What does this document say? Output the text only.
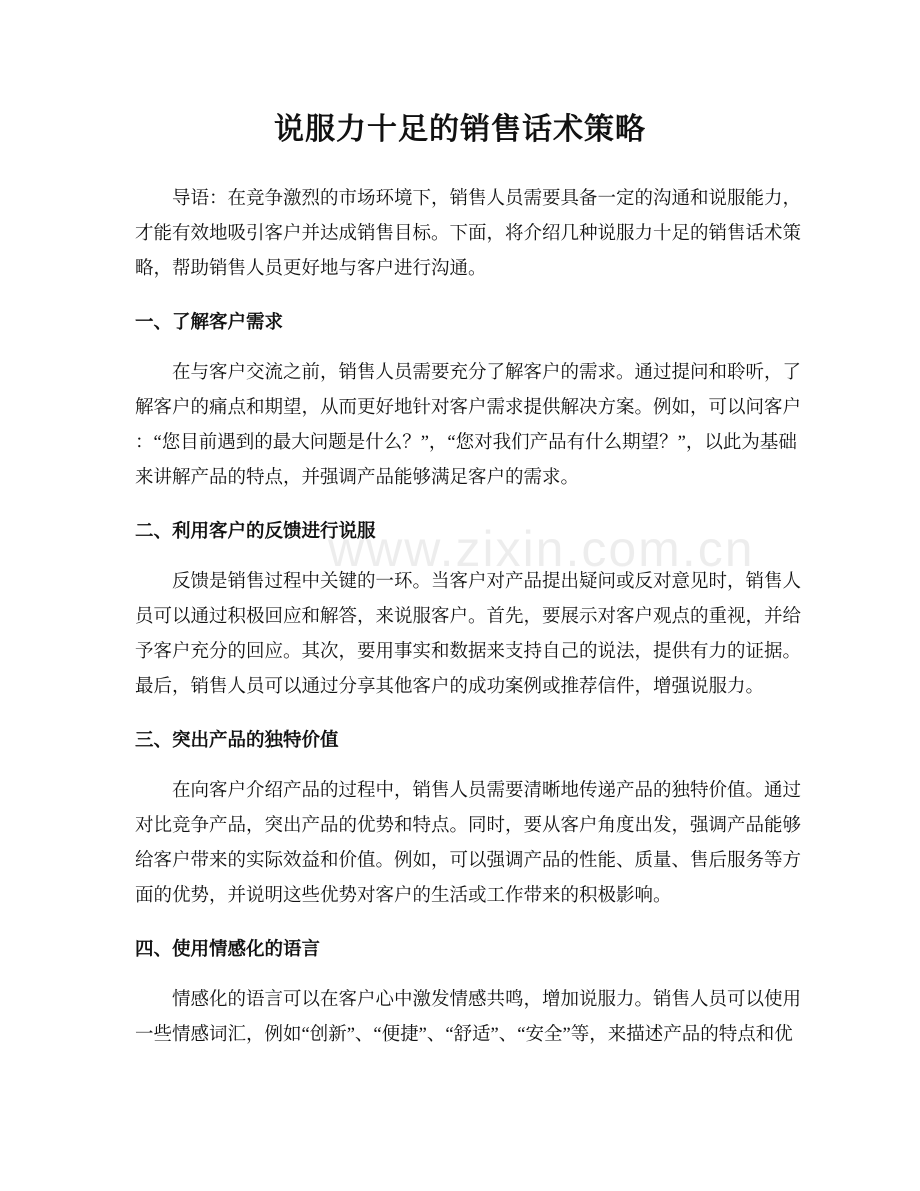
说服力十足的销售话术策略
www.zixin.com.cn
导语：在竞争激烈的市场环境下，销售人员需要具备一定的沟通和说服能力，
才能有效地吸引客户并达成销售目标。下面，将介绍几种说服力十足的销售话术策
略，帮助销售人员更好地与客户进行沟通。
一、了解客户需求
在与客户交流之前，销售人员需要充分了解客户的需求。通过提问和聆听，了
解客户的痛点和期望，从而更好地针对客户需求提供解决方案。例如，可以问客户
：“您目前遇到的最大问题是什么？”，“您对我们产品有什么期望？”，以此为基础
来讲解产品的特点，并强调产品能够满足客户的需求。
二、利用客户的反馈进行说服
反馈是销售过程中关键的一环。当客户对产品提出疑问或反对意见时，销售人
员可以通过积极回应和解答，来说服客户。首先，要展示对客户观点的重视，并给
予客户充分的回应。其次，要用事实和数据来支持自己的说法，提供有力的证据。
最后，销售人员可以通过分享其他客户的成功案例或推荐信件，增强说服力。
三、突出产品的独特价值
在向客户介绍产品的过程中，销售人员需要清晰地传递产品的独特价值。通过
对比竞争产品，突出产品的优势和特点。同时，要从客户角度出发，强调产品能够
给客户带来的实际效益和价值。例如，可以强调产品的性能、质量、售后服务等方
面的优势，并说明这些优势对客户的生活或工作带来的积极影响。
四、使用情感化的语言
情感化的语言可以在客户心中激发情感共鸣，增加说服力。销售人员可以使用
一些情感词汇，例如“创新”、“便捷”、“舒适”、“安全”等，来描述产品的特点和优
